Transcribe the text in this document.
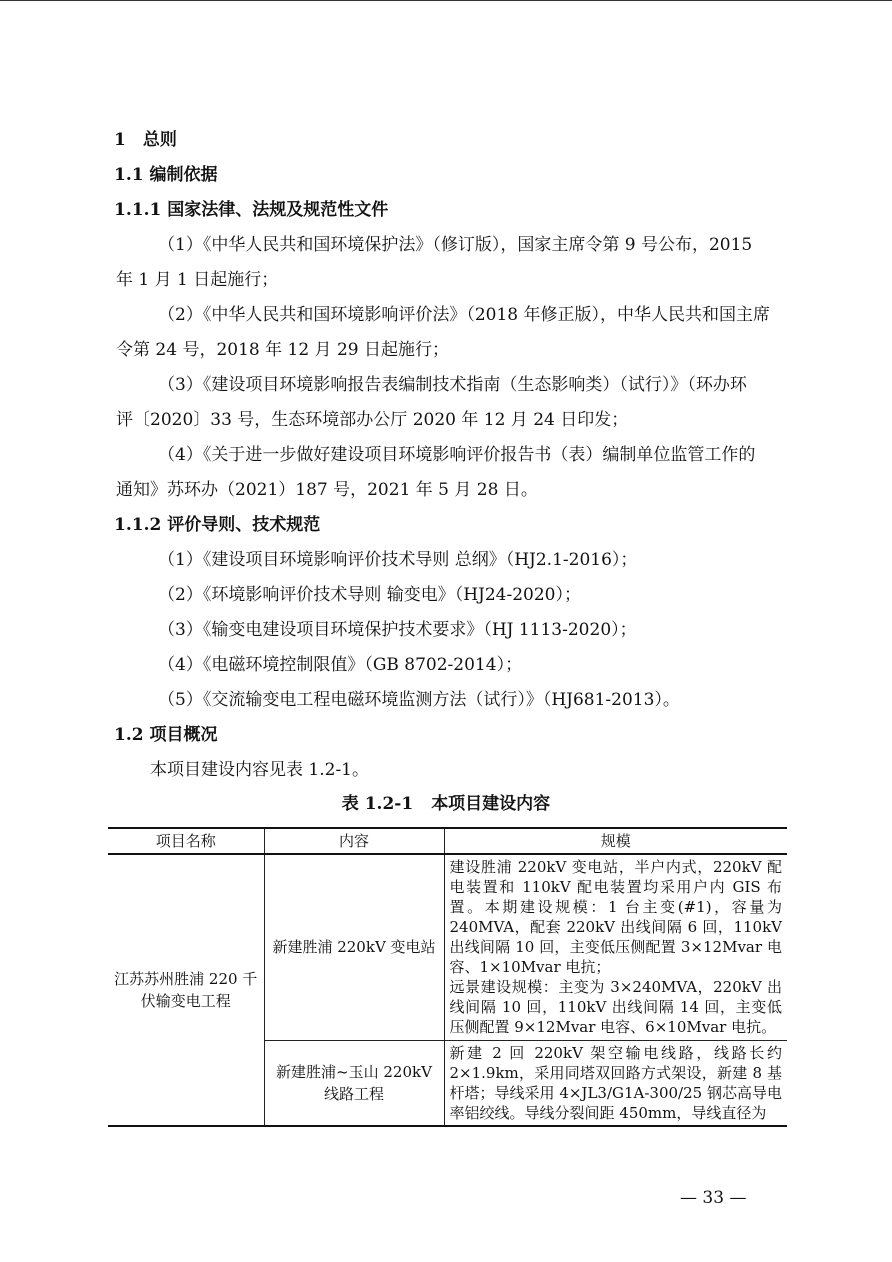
1　总则
1.1 编制依据
1.1.1 国家法律、法规及规范性文件
（1）《中华人民共和国环境保护法》（修订版），国家主席令第 9 号公布，2015
年 1 月 1 日起施行；
（2）《中华人民共和国环境影响评价法》（2018 年修正版），中华人民共和国主席
令第 24 号，2018 年 12 月 29 日起施行；
（3）《建设项目环境影响报告表编制技术指南（生态影响类）（试行）》（环办环
评〔2020〕33 号，生态环境部办公厅 2020 年 12 月 24 日印发；
（4）《关于进一步做好建设项目环境影响评价报告书（表）编制单位监管工作的
通知》苏环办（2021）187 号，2021 年 5 月 28 日。
1.1.2 评价导则、技术规范
（1）《建设项目环境影响评价技术导则 总纲》（HJ2.1-2016）；
（2）《环境影响评价技术导则 输变电》（HJ24-2020）；
（3）《输变电建设项目环境保护技术要求》（HJ 1113-2020）；
（4）《电磁环境控制限值》（GB 8702-2014）；
（5）《交流输变电工程电磁环境监测方法（试行）》（HJ681-2013）。
1.2 项目概况
本项目建设内容见表 1.2-1。
表 1.2-1 本项目建设内容
项目名称	内容	规模
江苏苏州胜浦 220 千伏输变电工程	新建胜浦 220kV 变电站	建设胜浦 220kV 变电站，半户内式，220kV 配电装置和 110kV 配电装置均采用户内 GIS 布置。本期建设规模：1 台主变(#1)，容量为 240MVA，配套 220kV 出线间隔 6 回，110kV 出线间隔 10 回，主变低压侧配置 3×12Mvar 电容、1×10Mvar 电抗；

远景建设规模：主变为 3×240MVA，220kV 出线间隔 10 回，110kV 出线间隔 14 回，主变低压侧配置 9×12Mvar 电容、6×10Mvar 电抗。

	新建胜浦~玉山 220kV 线路工程	新建 2 回 220kV 架空输电线路，线路长约 2×1.9km，采用同塔双回路方式架设，新建 8 基杆塔；导线采用 4×JL3/G1A-300/25 钢芯高导电率铝绞线。导线分裂间距 450mm，导线直径为

— 33 —
